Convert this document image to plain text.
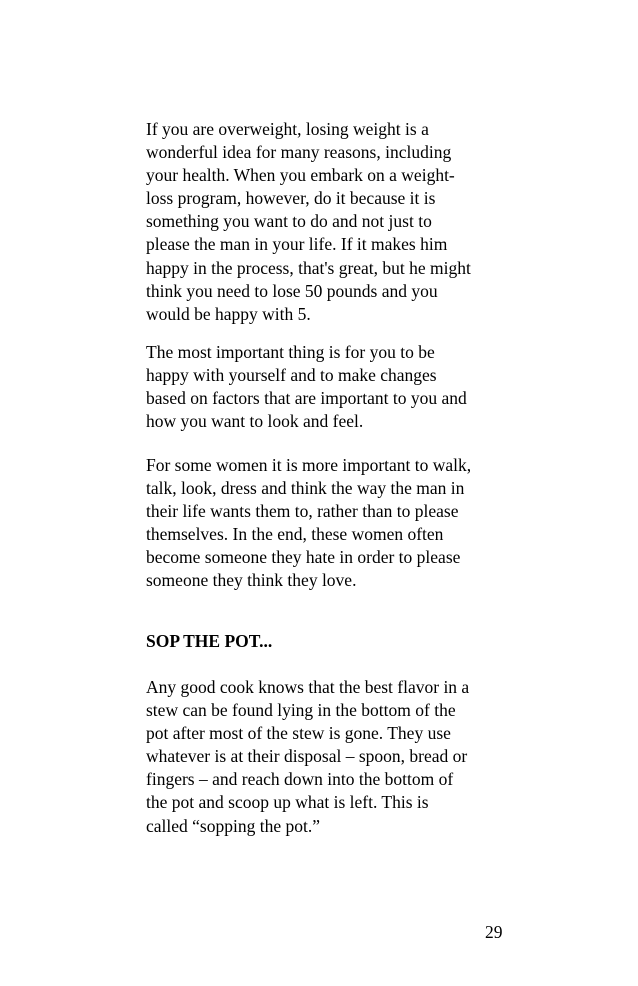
If you are overweight, losing weight is a
wonderful idea for many reasons, including
your health. When you embark on a weight-
loss program, however, do it because it is
something you want to do and not just to
please the man in your life. If it makes him
happy in the process, that's great, but he might
think you need to lose 50 pounds and you
would be happy with 5.

The most important thing is for you to be
happy with yourself and to make changes
based on factors that are important to you and
how you want to look and feel.

For some women it is more important to walk,
talk, look, dress and think the way the man in
their life wants them to, rather than to please
themselves. In the end, these women often
become someone they hate in order to please
someone they think they love.

SOP THE POT...

Any good cook knows that the best flavor in a
stew can be found lying in the bottom of the
pot after most of the stew is gone. They use
whatever is at their disposal – spoon, bread or
fingers – and reach down into the bottom of
the pot and scoop up what is left. This is
called “sopping the pot.”

29
